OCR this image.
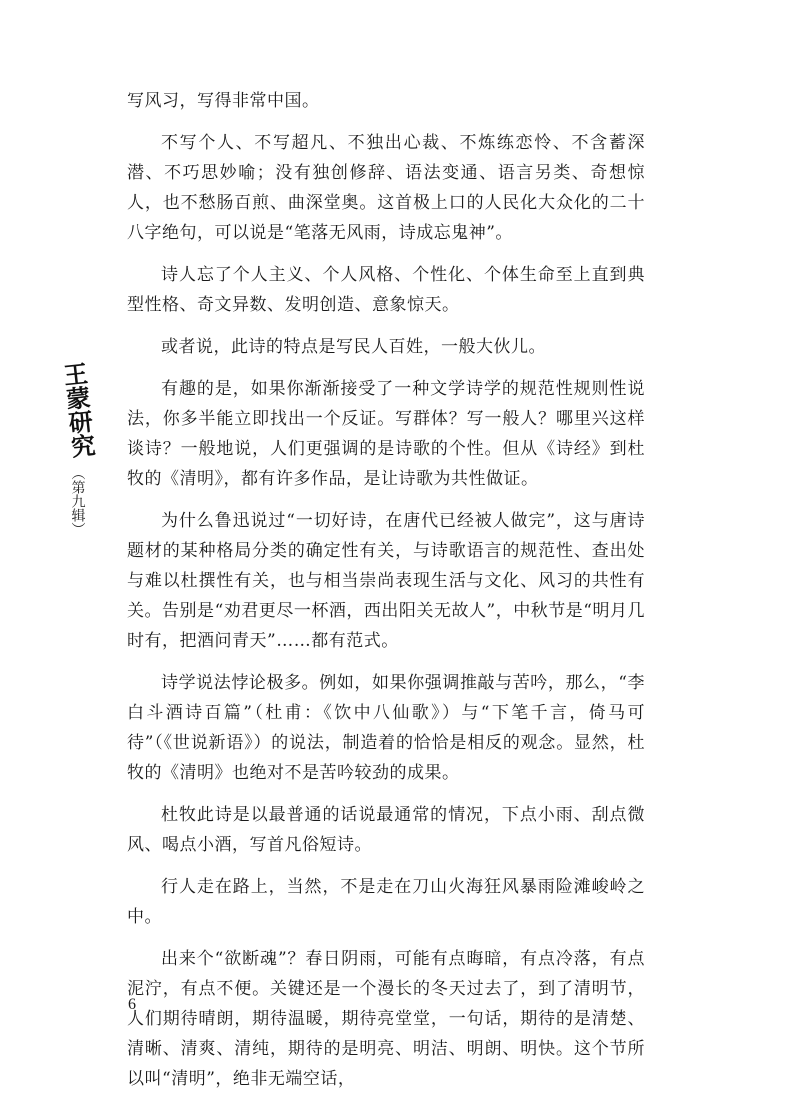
王蒙研究
（第九辑）

写风习，写得非常中国。

不写个人、不写超凡、不独出心裁、不炼练恋怜、不含蓄深潜、不巧思妙喻；没有独创修辞、语法变通、语言另类、奇想惊人，也不愁肠百煎、曲深堂奥。这首极上口的人民化大众化的二十八字绝句，可以说是“笔落无风雨，诗成忘鬼神”。

诗人忘了个人主义、个人风格、个性化、个体生命至上直到典型性格、奇文异数、发明创造、意象惊天。

或者说，此诗的特点是写民人百姓，一般大伙儿。

有趣的是，如果你渐渐接受了一种文学诗学的规范性规则性说法，你多半能立即找出一个反证。写群体？写一般人？哪里兴这样谈诗？一般地说，人们更强调的是诗歌的个性。但从《诗经》到杜牧的《清明》，都有许多作品，是让诗歌为共性做证。

为什么鲁迅说过“一切好诗，在唐代已经被人做完”，这与唐诗题材的某种格局分类的确定性有关，与诗歌语言的规范性、查出处与难以杜撰性有关，也与相当崇尚表现生活与文化、风习的共性有关。告别是“劝君更尽一杯酒，西出阳关无故人”，中秋节是“明月几时有，把酒问青天”……都有范式。

诗学说法悖论极多。例如，如果你强调推敲与苦吟，那么，“李白斗酒诗百篇”（杜甫：《饮中八仙歌》）与“下笔千言，倚马可待”（《世说新语》）的说法，制造着的恰恰是相反的观念。显然，杜牧的《清明》也绝对不是苦吟较劲的成果。

杜牧此诗是以最普通的话说最通常的情况，下点小雨、刮点微风、喝点小酒，写首凡俗短诗。

行人走在路上，当然，不是走在刀山火海狂风暴雨险滩峻岭之中。

出来个“欲断魂”？春日阴雨，可能有点晦暗，有点冷落，有点泥泞，有点不便。关键还是一个漫长的冬天过去了，到了清明节，人们期待晴朗，期待温暖，期待亮堂堂，一句话，期待的是清楚、清晰、清爽、清纯，期待的是明亮、明洁、明朗、明快。这个节所以叫“清明”，绝非无端空话，

6
